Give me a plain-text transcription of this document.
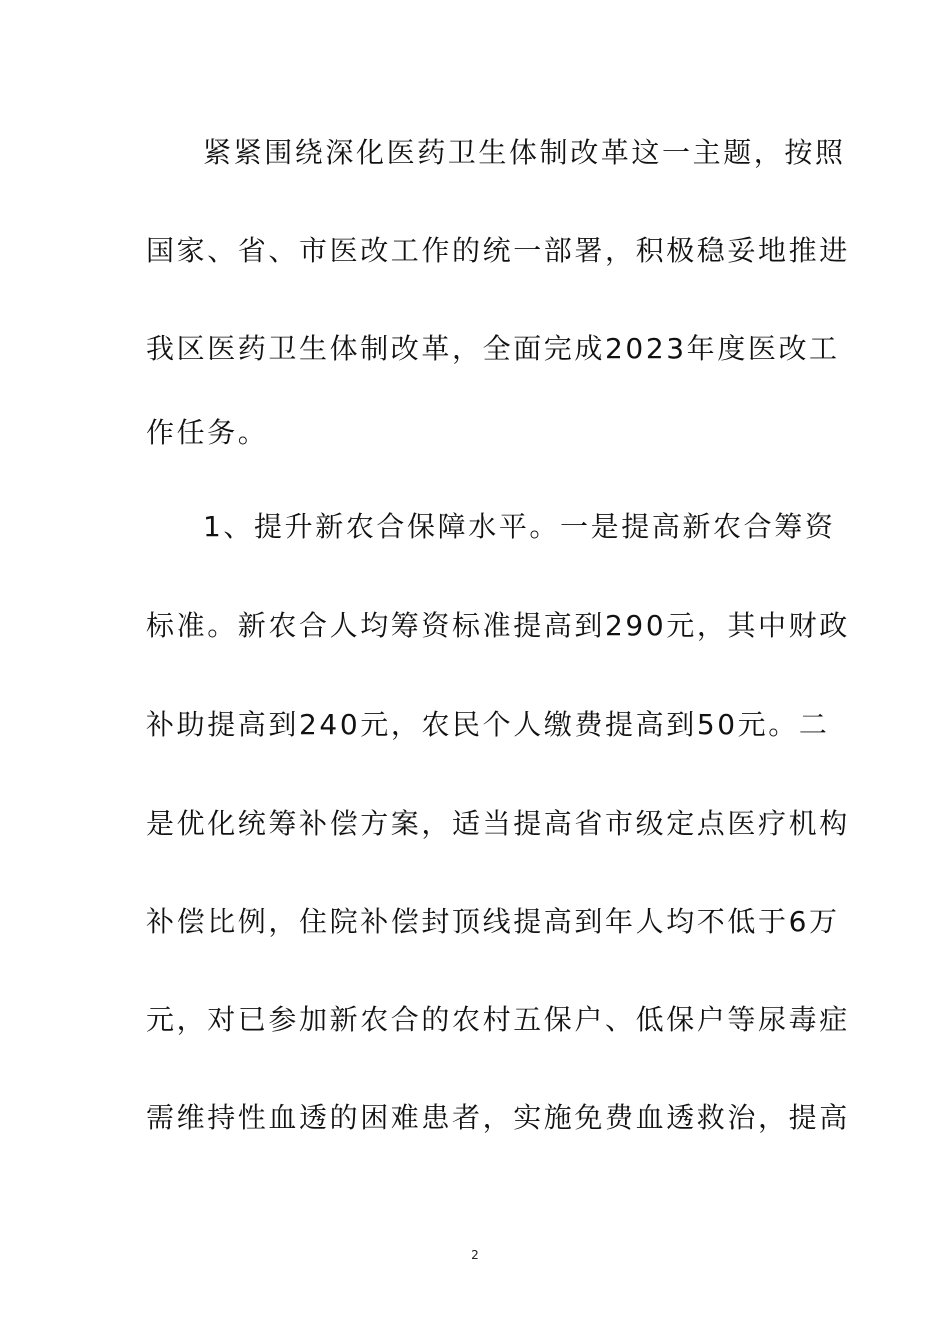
紧紧围绕深化医药卫生体制改革这一主题，按照
国家、省、市医改工作的统一部署，积极稳妥地推进
我区医药卫生体制改革，全面完成2023年度医改工
作任务。
1、提升新农合保障水平。一是提高新农合筹资
标准。新农合人均筹资标准提高到290元，其中财政
补助提高到240元，农民个人缴费提高到50元。二
是优化统筹补偿方案，适当提高省市级定点医疗机构
补偿比例，住院补偿封顶线提高到年人均不低于6万
元，对已参加新农合的农村五保户、低保户等尿毒症
需维持性血透的困难患者，实施免费血透救治，提高
2
